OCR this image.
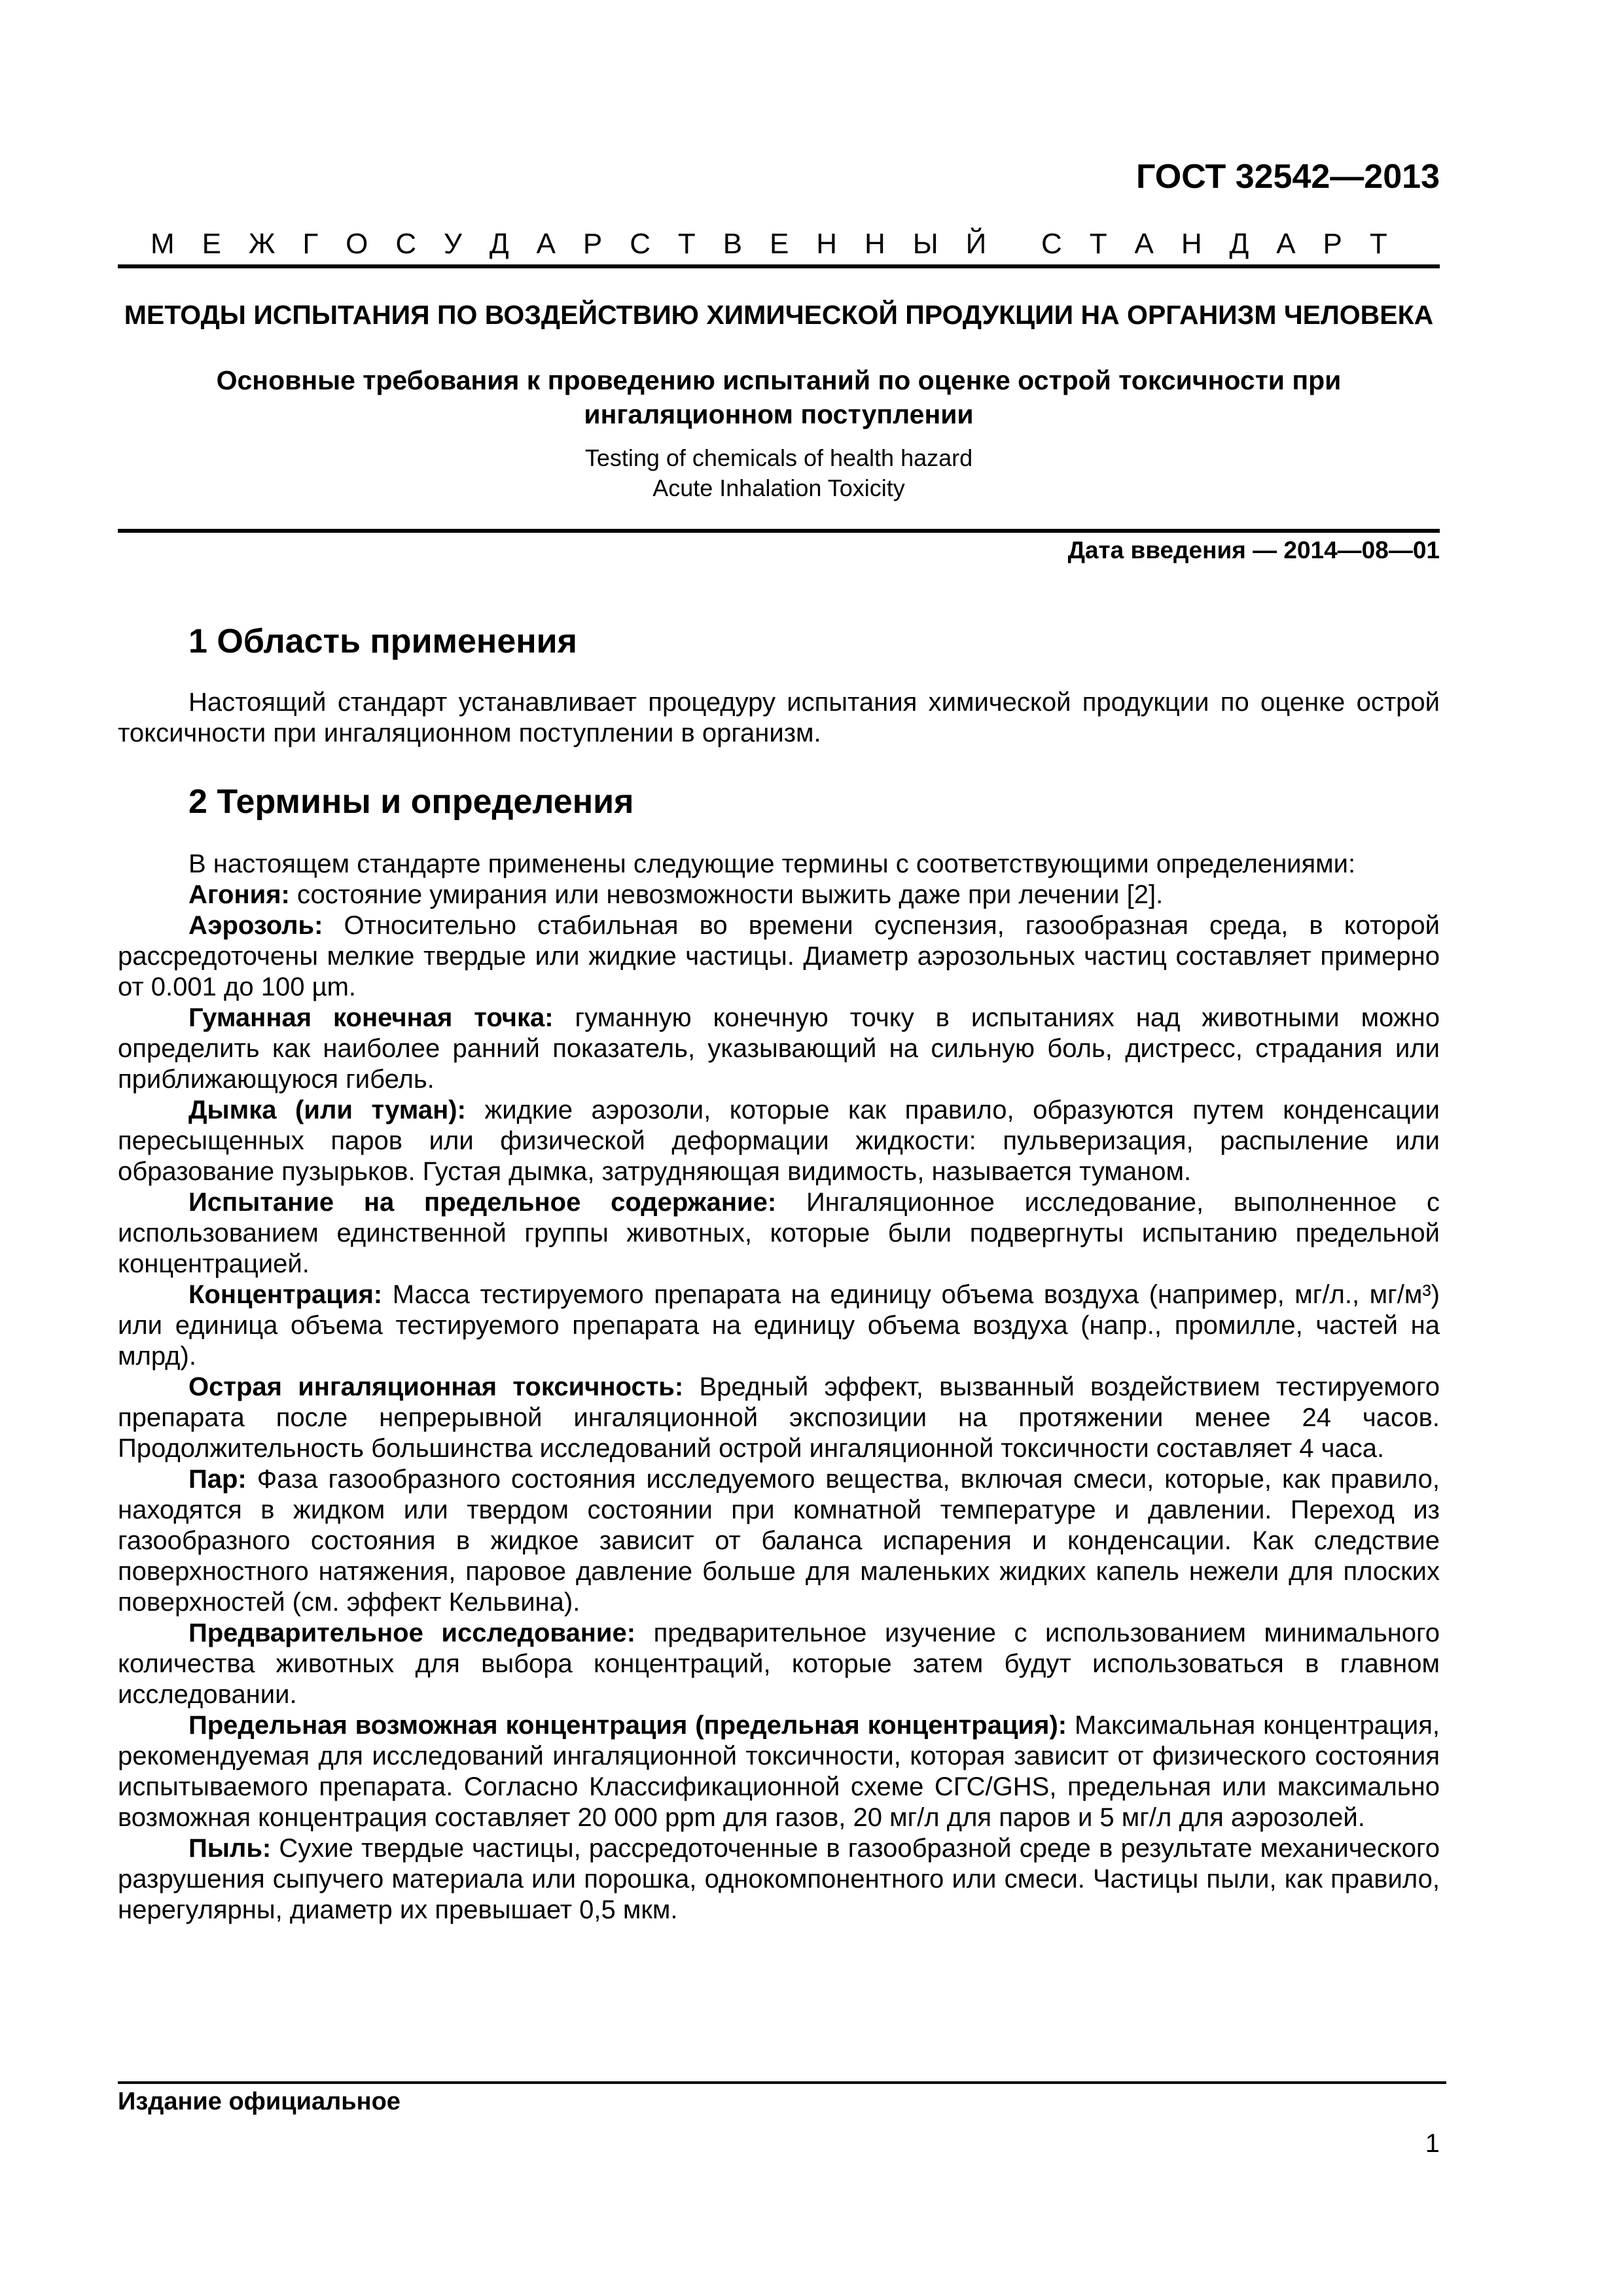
ГОСТ 32542—2013
М Е Ж Г О С У Д А Р С Т В Е Н Н Ы Й С Т А Н Д А Р Т
МЕТОДЫ ИСПЫТАНИЯ ПО ВОЗДЕЙСТВИЮ ХИМИЧЕСКОЙ ПРОДУКЦИИ НА ОРГАНИЗМ ЧЕЛОВЕКА
Основные требования к проведению испытаний по оценке острой токсичности при ингаляционном поступлении
Testing of chemicals of health hazard
Acute Inhalation Toxicity
Дата введения — 2014—08—01
1 Область применения
Настоящий стандарт устанавливает процедуру испытания химической продукции по оценке острой токсичности при ингаляционном поступлении в организм.
2 Термины и определения
В настоящем стандарте применены следующие термины с соответствующими определениями:
Агония: состояние умирания или невозможности выжить даже при лечении [2].
Аэрозоль: Относительно стабильная во времени суспензия, газообразная среда, в которой рассредоточены мелкие твердые или жидкие частицы. Диаметр аэрозольных частиц составляет примерно от 0.001 до 100 µm.
Гуманная конечная точка: гуманную конечную точку в испытаниях над животными можно определить как наиболее ранний показатель, указывающий на сильную боль, дистресс, страдания или приближающуюся гибель.
Дымка (или туман): жидкие аэрозоли, которые как правило, образуются путем конденсации пересыщенных паров или физической деформации жидкости: пульверизация, распыление или образование пузырьков. Густая дымка, затрудняющая видимость, называется туманом.
Испытание на предельное содержание: Ингаляционное исследование, выполненное с использованием единственной группы животных, которые были подвергнуты испытанию предельной концентрацией.
Концентрация: Масса тестируемого препарата на единицу объема воздуха (например, мг/л., мг/м³) или единица объема тестируемого препарата на единицу объема воздуха (напр., промилле, частей на млрд).
Острая ингаляционная токсичность: Вредный эффект, вызванный воздействием тестируемого препарата после непрерывной ингаляционной экспозиции на протяжении менее 24 часов. Продолжительность большинства исследований острой ингаляционной токсичности составляет 4 часа.
Пар: Фаза газообразного состояния исследуемого вещества, включая смеси, которые, как правило, находятся в жидком или твердом состоянии при комнатной температуре и давлении. Переход из газообразного состояния в жидкое зависит от баланса испарения и конденсации. Как следствие поверхностного натяжения, паровое давление больше для маленьких жидких капель нежели для плоских поверхностей (см. эффект Кельвина).
Предварительное исследование: предварительное изучение с использованием минимального количества животных для выбора концентраций, которые затем будут использоваться в главном исследовании.
Предельная возможная концентрация (предельная концентрация): Максимальная концентрация, рекомендуемая для исследований ингаляционной токсичности, которая зависит от физического состояния испытываемого препарата. Согласно Классификационной схеме СГС/GHS, предельная или максимально возможная концентрация составляет 20 000 ppm для газов, 20 мг/л для паров и 5 мг/л для аэрозолей.
Пыль: Сухие твердые частицы, рассредоточенные в газообразной среде в результате механического разрушения сыпучего материала или порошка, однокомпонентного или смеси. Частицы пыли, как правило, нерегулярны, диаметр их превышает 0,5 мкм.
Издание официальное
1
